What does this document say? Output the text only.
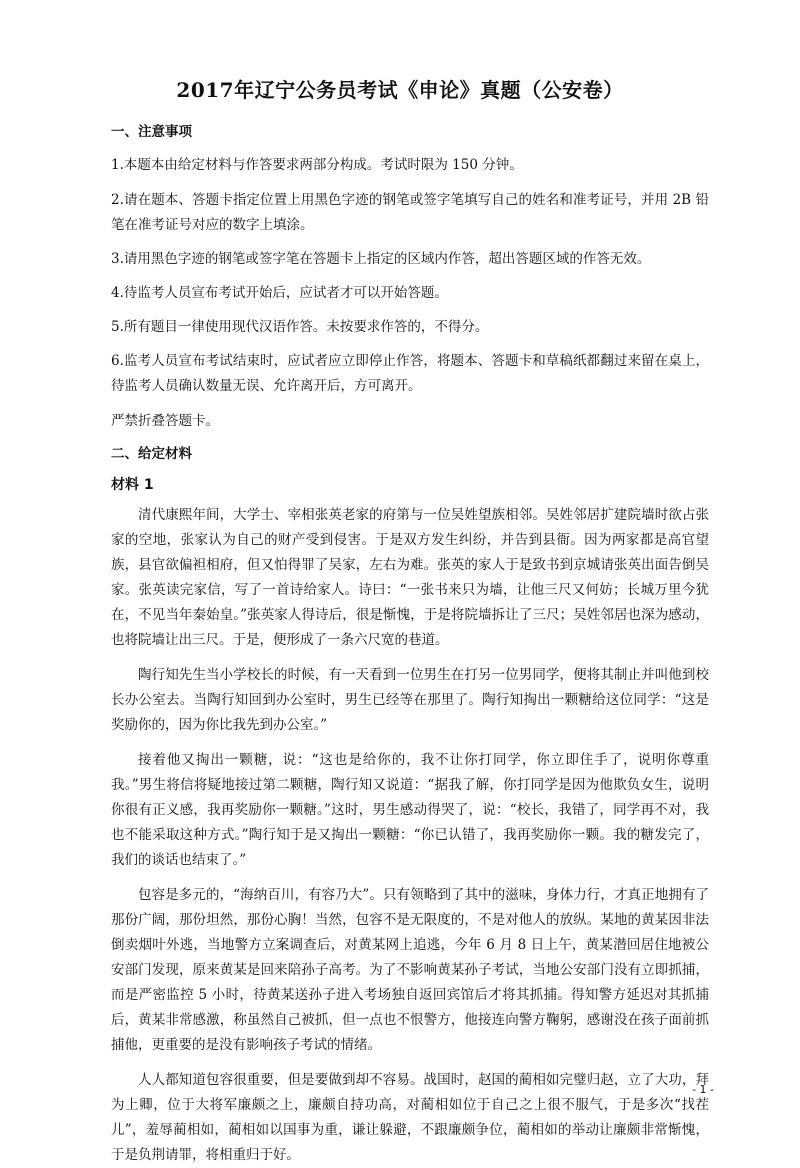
2017年辽宁公务员考试《申论》真题（公安卷）

一、注意事项

1.本题本由给定材料与作答要求两部分构成。考试时限为 150 分钟。

2.请在题本、答题卡指定位置上用黑色字迹的钢笔或签字笔填写自己的姓名和准考证号，并用 2B 铅笔在准考证号对应的数字上填涂。

3.请用黑色字迹的钢笔或签字笔在答题卡上指定的区域内作答，超出答题区域的作答无效。

4.待监考人员宣布考试开始后，应试者才可以开始答题。

5.所有题目一律使用现代汉语作答。未按要求作答的，不得分。

6.监考人员宣布考试结束时，应试者应立即停止作答，将题本、答题卡和草稿纸都翻过来留在桌上，待监考人员确认数量无误、允许离开后，方可离开。

严禁折叠答题卡。

二、给定材料

材料 1

清代康熙年间，大学士、宰相张英老家的府第与一位吴姓望族相邻。吴姓邻居扩建院墙时欲占张家的空地，张家认为自己的财产受到侵害。于是双方发生纠纷，并告到县衙。因为两家都是高官望族，县官欲偏袒相府，但又怕得罪了吴家，左右为难。张英的家人于是致书到京城请张英出面告倒吴家。张英读完家信，写了一首诗给家人。诗曰：“一张书来只为墙，让他三尺又何妨；长城万里今犹在，不见当年秦始皇。”张英家人得诗后，很是惭愧，于是将院墙拆让了三尺；吴姓邻居也深为感动，也将院墙让出三尺。于是，便形成了一条六尺宽的巷道。

陶行知先生当小学校长的时候，有一天看到一位男生在打另一位男同学，便将其制止并叫他到校长办公室去。当陶行知回到办公室时，男生已经等在那里了。陶行知掏出一颗糖给这位同学：“这是奖励你的，因为你比我先到办公室。”

接着他又掏出一颗糖，说：“这也是给你的，我不让你打同学，你立即住手了，说明你尊重我。”男生将信将疑地接过第二颗糖，陶行知又说道：“据我了解，你打同学是因为他欺负女生，说明你很有正义感，我再奖励你一颗糖。”这时，男生感动得哭了，说：“校长，我错了，同学再不对，我也不能采取这种方式。”陶行知于是又掏出一颗糖：“你已认错了，我再奖励你一颗。我的糖发完了，我们的谈话也结束了。”

包容是多元的，“海纳百川，有容乃大”。只有领略到了其中的滋味，身体力行，才真正地拥有了那份广阔，那份坦然，那份心胸！当然，包容不是无限度的，不是对他人的放纵。某地的黄某因非法倒卖烟叶外逃，当地警方立案调查后，对黄某网上追逃，今年 6 月 8 日上午，黄某潜回居住地被公安部门发现，原来黄某是回来陪孙子高考。为了不影响黄某孙子考试，当地公安部门没有立即抓捕，而是严密监控 5 小时，待黄某送孙子进入考场独自返回宾馆后才将其抓捕。得知警方延迟对其抓捕后，黄某非常感激，称虽然自己被抓，但一点也不恨警方，他接连向警方鞠躬，感谢没在孩子面前抓捕他，更重要的是没有影响孩子考试的情绪。

人人都知道包容很重要，但是要做到却不容易。战国时，赵国的蔺相如完璧归赵，立了大功，拜为上卿，位于大将军廉颇之上，廉颇自持功高，对蔺相如位于自己之上很不服气，于是多次“找茬儿”，羞辱蔺相如，蔺相如以国事为重，谦让躲避，不跟廉颇争位，蔺相如的举动让廉颇非常惭愧，于是负荆请罪，将相重归于好。

- 1 -
